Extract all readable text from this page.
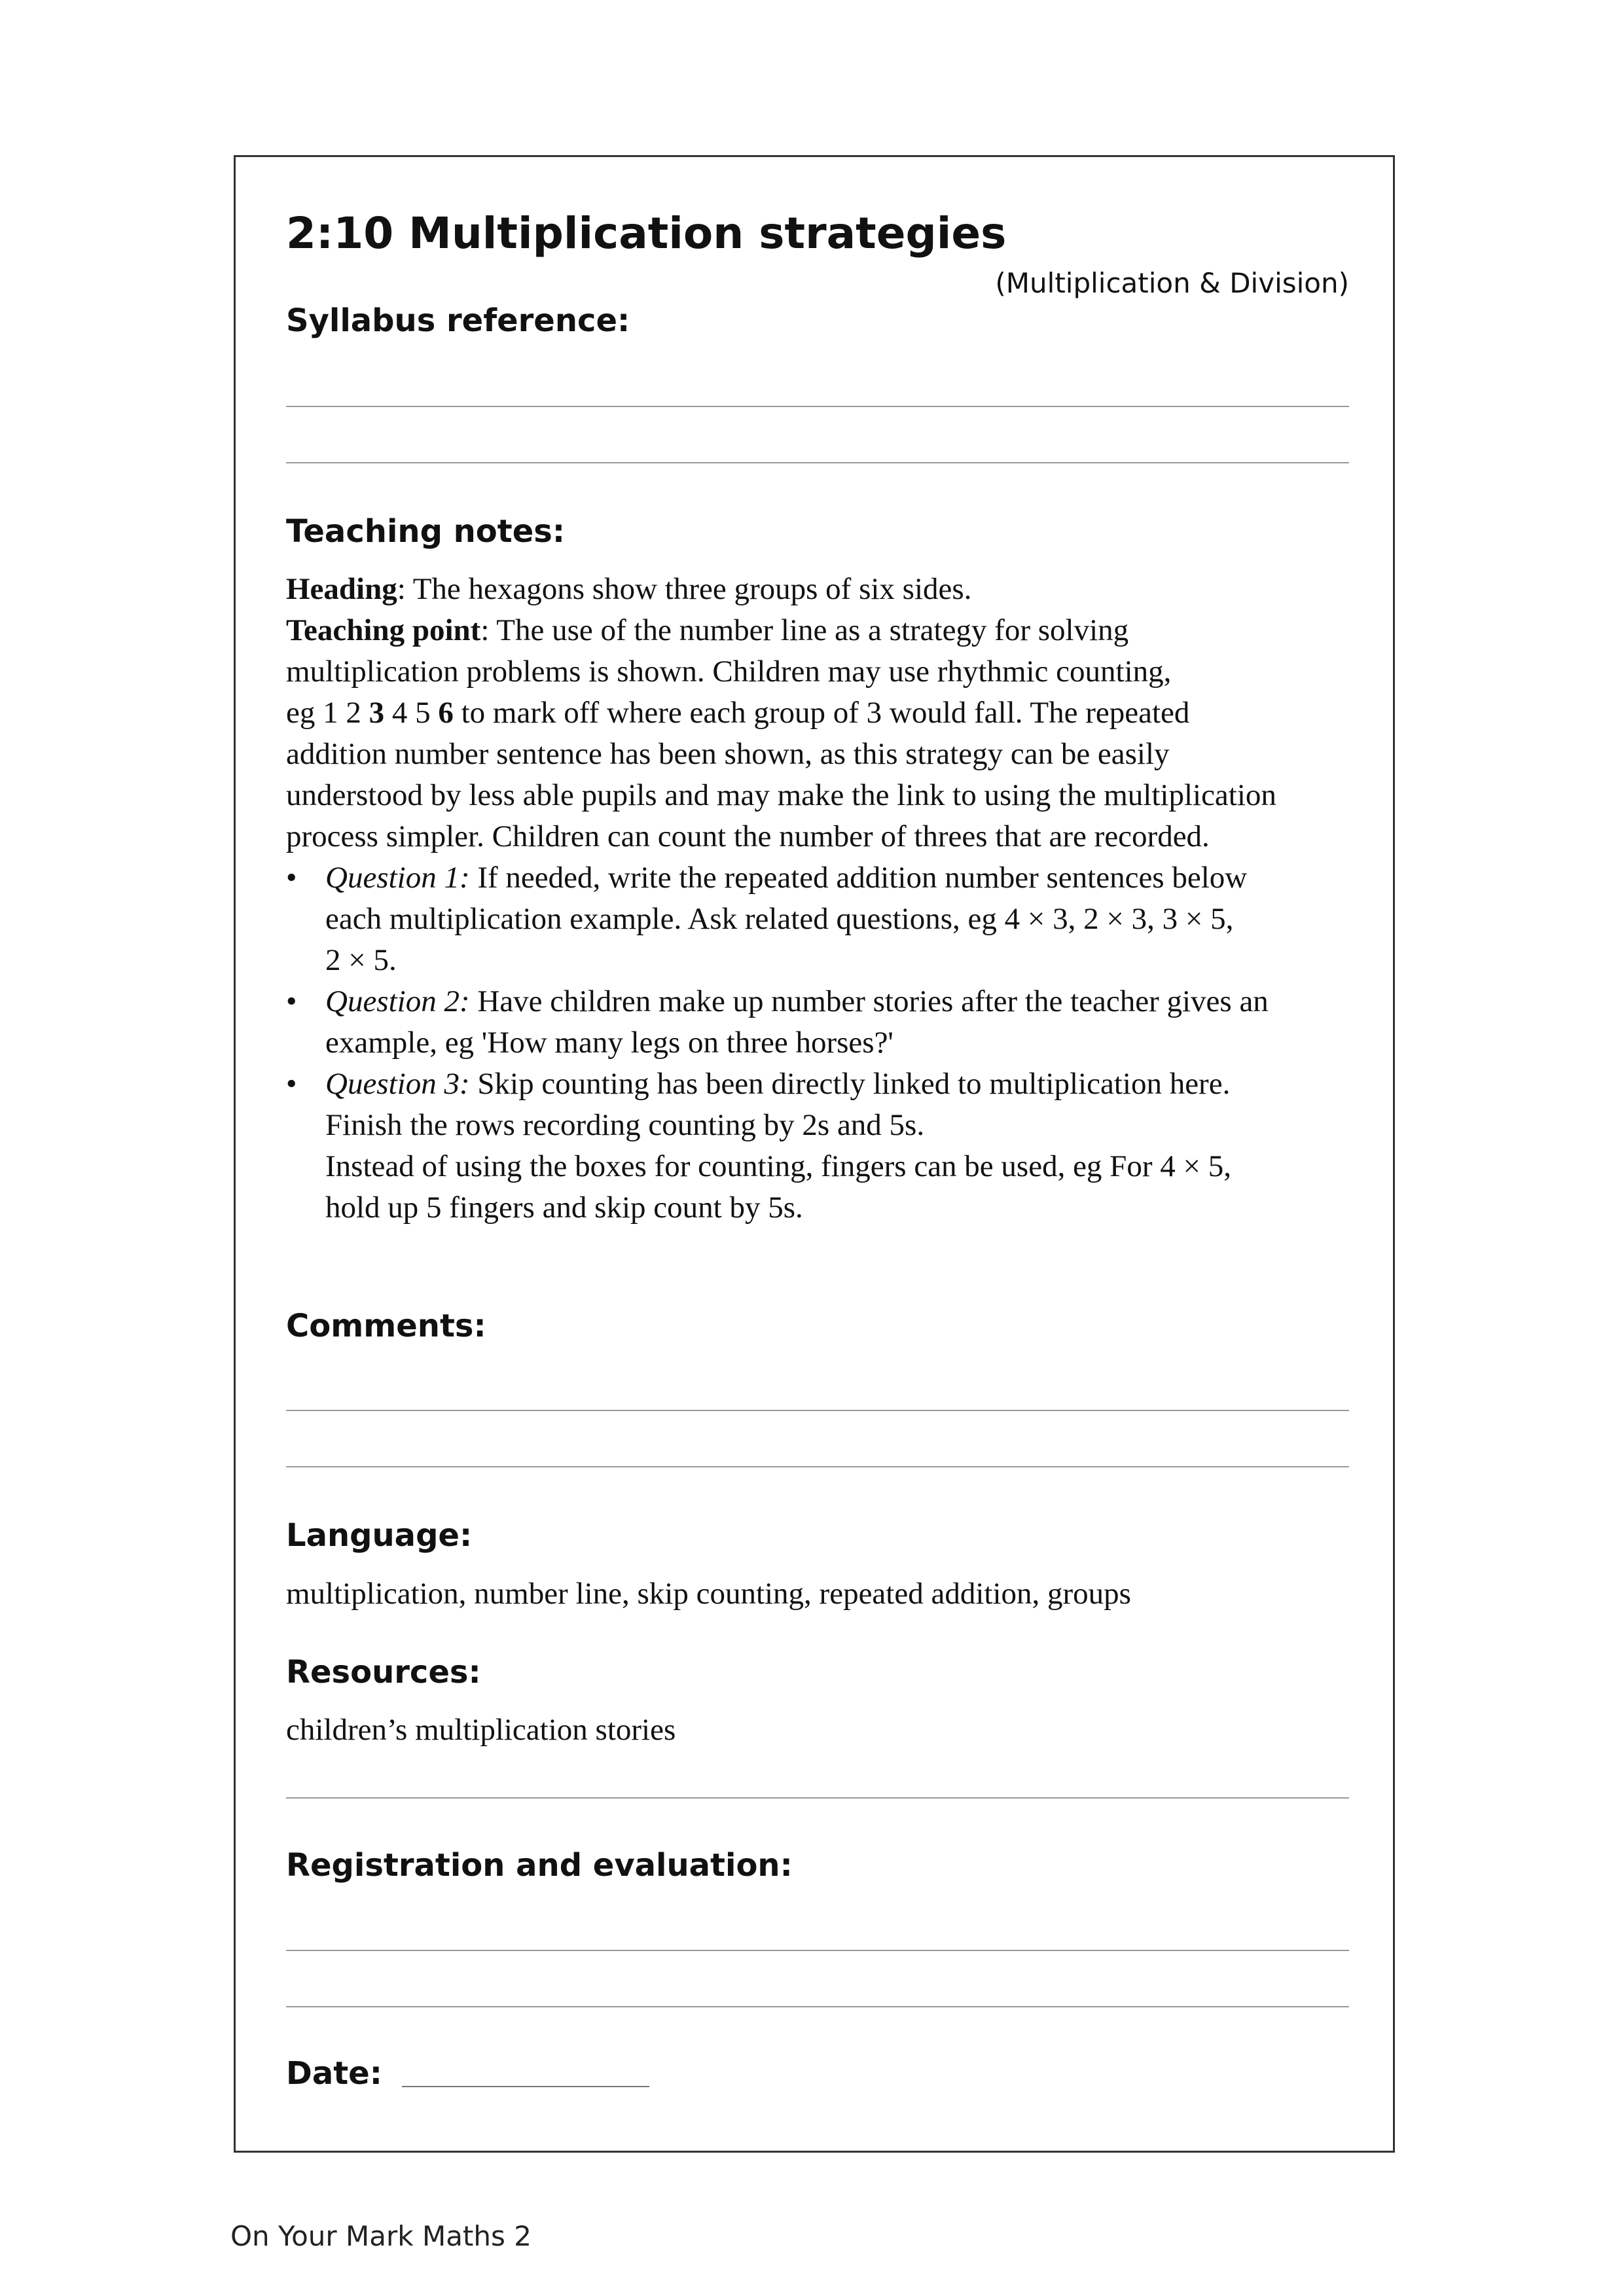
2:10 Multiplication strategies
(Multiplication & Division)
Syllabus reference:
Teaching notes:
Heading: The hexagons show three groups of six sides.
Teaching point: The use of the number line as a strategy for solving
multiplication problems is shown. Children may use rhythmic counting,
eg 1 2 3 4 5 6 to mark off where each group of 3 would fall. The repeated
addition number sentence has been shown, as this strategy can be easily
understood by less able pupils and may make the link to using the multiplication
process simpler. Children can count the number of threes that are recorded.
• Question 1: If needed, write the repeated addition number sentences below
each multiplication example. Ask related questions, eg 4 × 3, 2 × 3, 3 × 5,
2 × 5.
• Question 2: Have children make up number stories after the teacher gives an
example, eg 'How many legs on three horses?'
• Question 3: Skip counting has been directly linked to multiplication here.
Finish the rows recording counting by 2s and 5s.
Instead of using the boxes for counting, fingers can be used, eg For 4 × 5,
hold up 5 fingers and skip count by 5s.
Comments:
Language:
multiplication, number line, skip counting, repeated addition, groups
Resources:
children’s multiplication stories
Registration and evaluation:
Date:
On Your Mark Maths 2
